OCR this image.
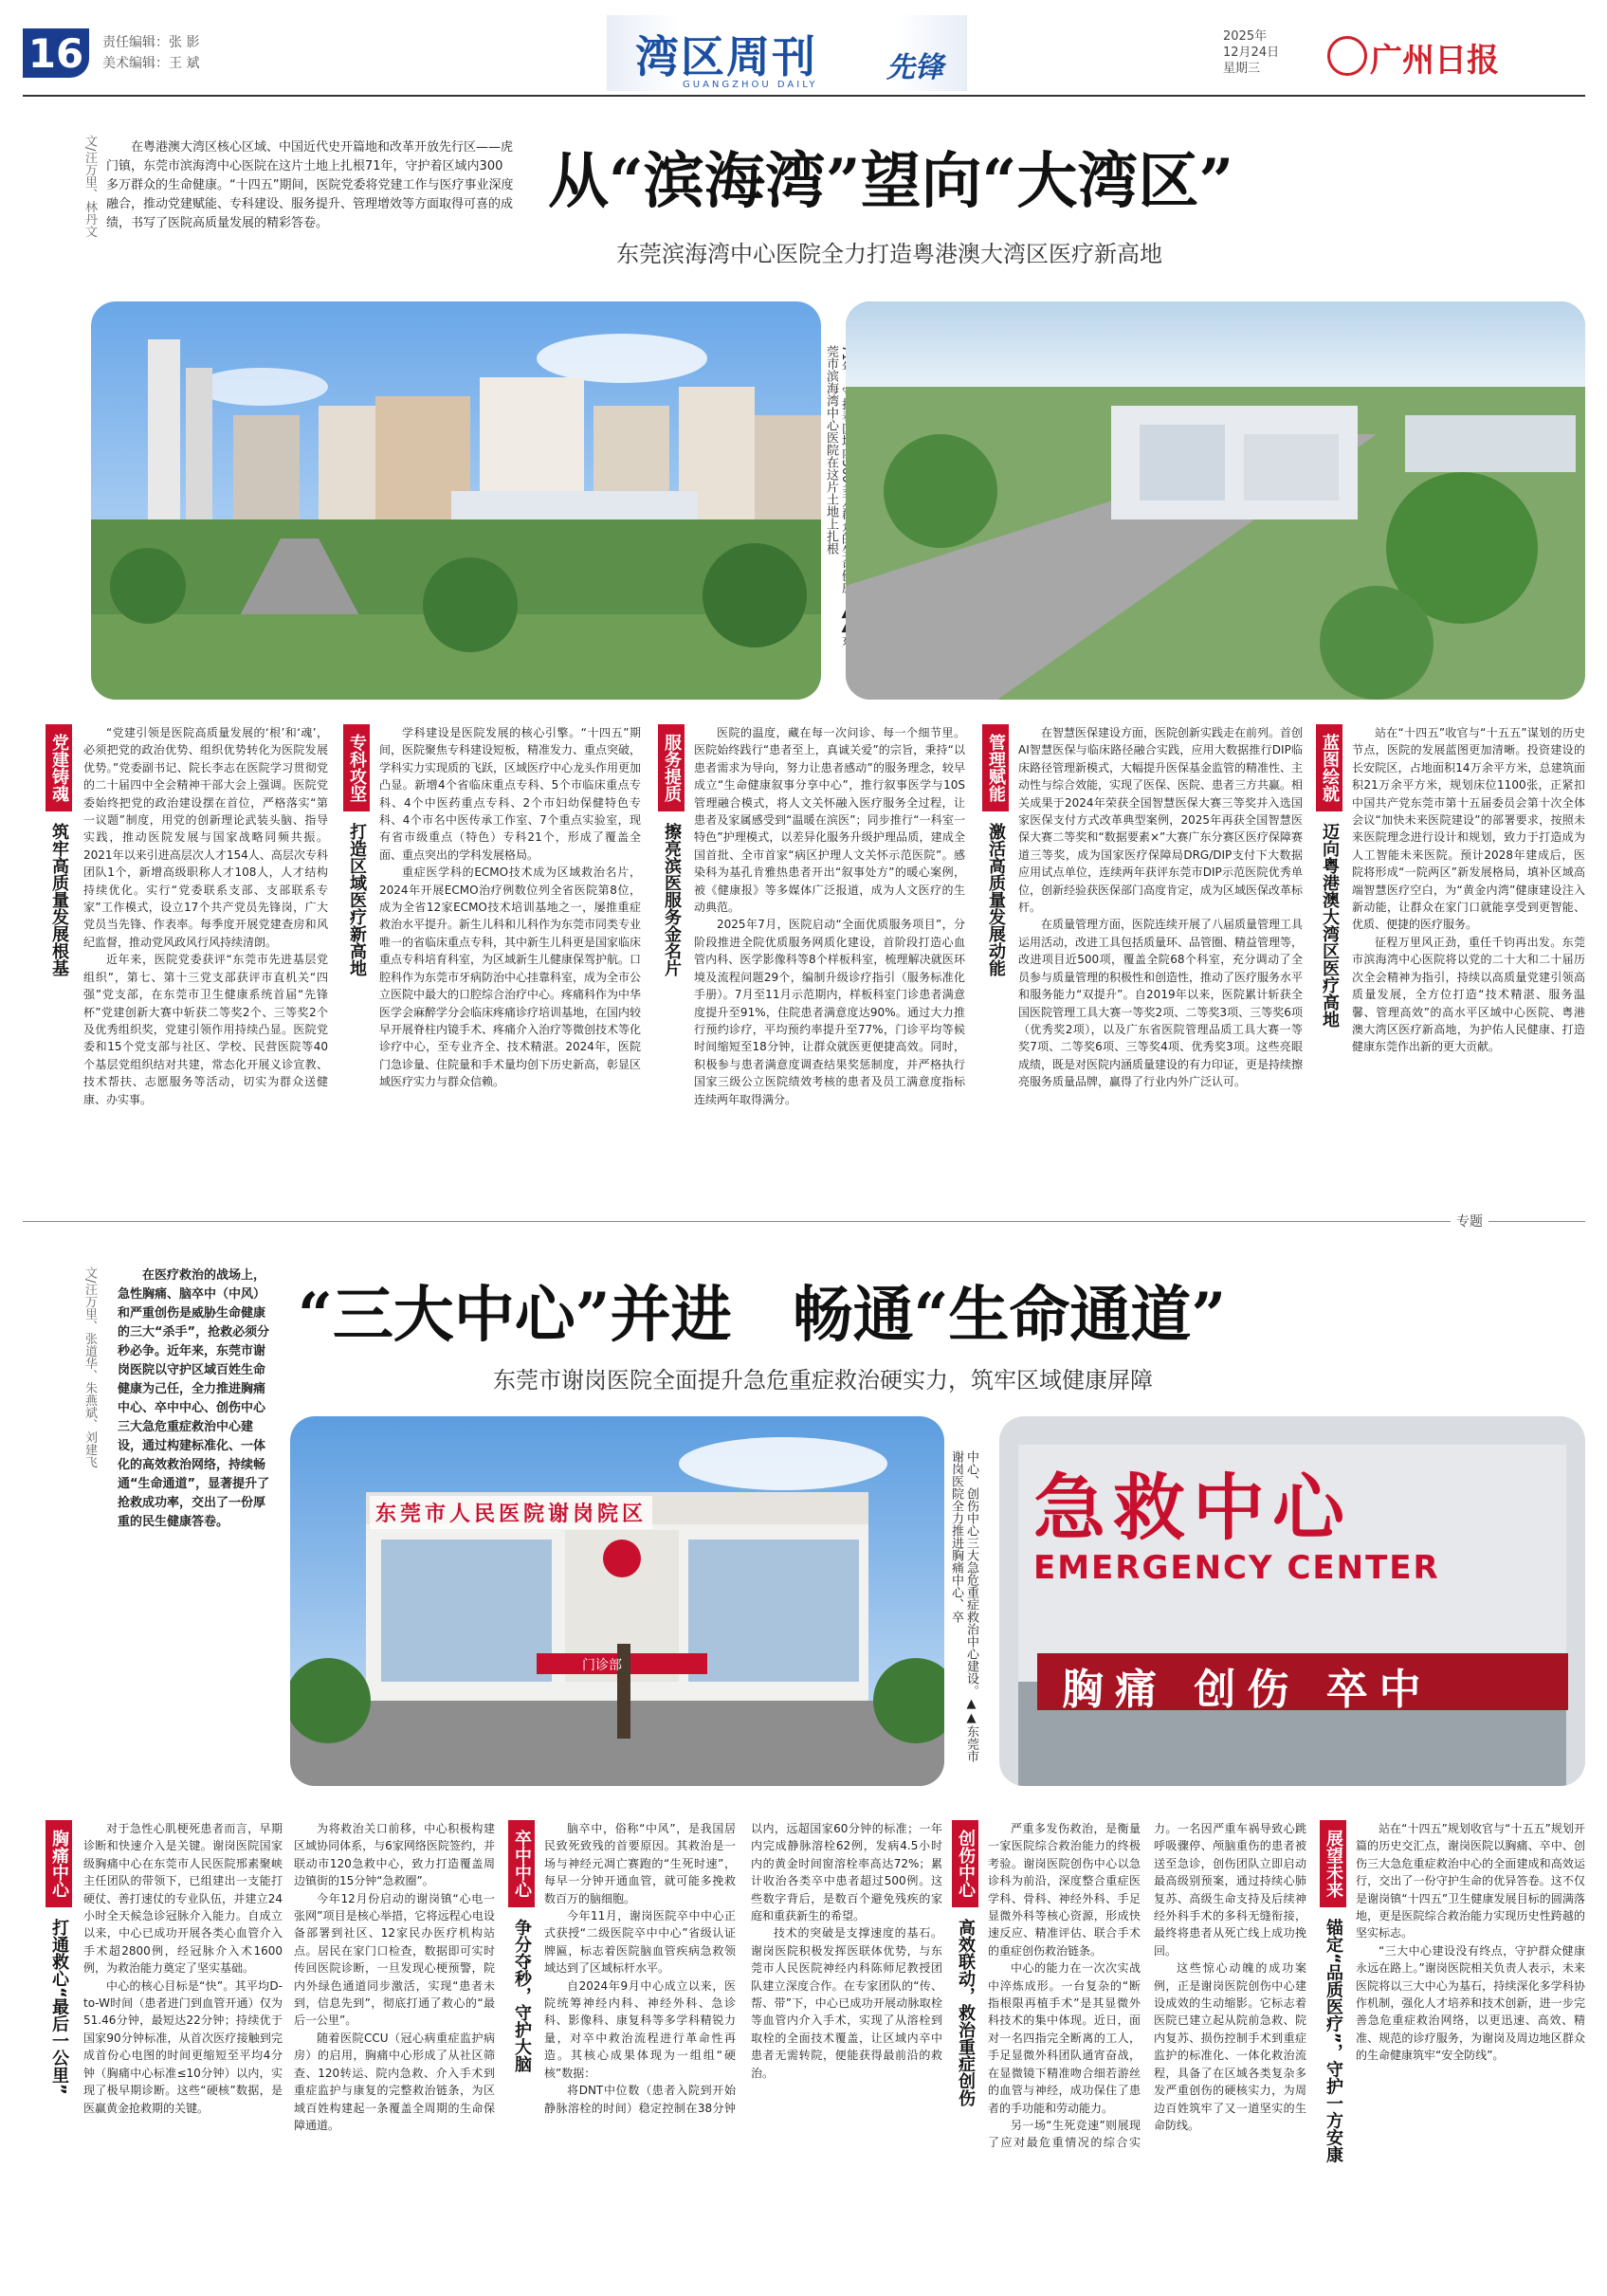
16	责任编辑：张 影
美术编辑：王 斌	湾区周刊 先锋
GUANGZHOU DAILY
2025年
12月24日
星期三	广州日报
文/汪万里、林丹文	在粤港澳大湾区核心区域、中国近代史开篇地和改革开放先行区——虎门镇，东莞市滨海湾中心医院在这片土地上扎根71年，守护着区域内300多万群众的生命健康。“十四五”期间，医院党委将党建工作与医疗事业深度融合，推动党建赋能、专科建设、服务提升、管理增效等方面取得可喜的成绩，书写了医院高质量发展的精彩答卷。
从“滨海湾”望向“大湾区”
东莞滨海湾中心医院全力打造粤港澳大湾区医疗新高地
莞市滨海湾中心医院在这片土地上扎根
党建铸魂
筑牢高质量发展根基

“党建引领是医院高质量发展的‘根’和‘魂’，必须把党的政治优势、组织优势转化为医院发展优势。”党委副书记、院长李志在医院学习贯彻党的二十届四中全会精神干部大会上强调。医院党委始终把党的政治建设摆在首位，严格落实“第一议题”制度，用党的创新理论武装头脑、指导实践，推动医院发展与国家战略同频共振。2021年以来引进高层次人才154人、高层次专科团队1个，新增高级职称人才108人，人才结构持续优化。实行“党委联系支部、支部联系专家”工作模式，设立17个共产党员先锋岗，广大党员当先锋、作表率。每季度开展党建查房和风纪监督，推动党风政风行风持续清朗。

近年来，医院党委获评“东莞市先进基层党组织”，第七、第十三党支部获评市直机关“四强”党支部，在东莞市卫生健康系统首届“先锋杯”党建创新大赛中斩获二等奖2个、三等奖2个及优秀组织奖，党建引领作用持续凸显。医院党委和15个党支部与社区、学校、民营医院等40个基层党组织结对共建，常态化开展义诊宣教、技术帮扶、志愿服务等活动，切实为群众送健康、办实事。

专科攻坚
打造区域医疗新高地

学科建设是医院发展的核心引擎。“十四五”期间，医院聚焦专科建设短板，精准发力、重点突破，学科实力实现质的飞跃，区域医疗中心龙头作用更加凸显。新增4个省临床重点专科、5个市临床重点专科、4个中医药重点专科、2个市妇幼保健特色专科、4个市名中医传承工作室、7个重点实验室，现有省市级重点（特色）专科21个，形成了覆盖全面、重点突出的学科发展格局。

重症医学科的ECMO技术成为区域救治名片，2024年开展ECMO治疗例数位列全省医院第8位，成为全省12家ECMO技术培训基地之一，屡推重症救治水平提升。新生儿科和儿科作为东莞市同类专业唯一的省临床重点专科，其中新生儿科更是国家临床重点专科培育科室，为区域新生儿健康保驾护航。口腔科作为东莞市牙病防治中心挂靠科室，成为全市公立医院中最大的口腔综合治疗中心。疼痛科作为中华医学会麻醉学分会临床疼痛诊疗培训基地，在国内较早开展脊柱内镜手术、疼痛介入治疗等微创技术等化诊疗中心，至专业齐全、技术精湛。2024年，医院门急诊量、住院量和手术量均创下历史新高，彰显区域医疗实力与群众信赖。

服务提质
擦亮滨医服务金名片

医院的温度，藏在每一次问诊、每一个细节里。医院始终践行“患者至上，真诚关爱”的宗旨，秉持“以患者需求为导向，努力让患者感动”的服务理念，较早成立“生命健康叙事分享中心”，推行叙事医学与10S管理融合模式，将人文关怀融入医疗服务全过程，让患者及家属感受到“温暖在滨医”；同步推行“一科室一特色”护理模式，以差异化服务升级护理品质，建成全国首批、全市首家“病区护理人文关怀示范医院”。感染科为基孔肯雅热患者开出“叙事处方”的暖心案例，被《健康报》等多媒体广泛报道，成为人文医疗的生动典范。

2025年7月，医院启动“全面优质服务项目”，分阶段推进全院优质服务网质化建设，首阶段打造心血管内科、医学影像科等8个样板科室，梳理解决就医环境及流程问题29个，编制升级诊疗指引（服务标准化手册）。7月至11月示范期内，样板科室门诊患者满意度提升至91%，住院患者满意度达90%。通过大力推行预约诊疗，平均预约率提升至77%，门诊平均等候时间缩短至18分钟，让群众就医更便捷高效。同时，积极参与患者满意度调查结果奖惩制度，并严格执行国家三级公立医院绩效考核的患者及员工满意度指标连续两年取得满分。

管理赋能
激活高质量发展动能

在智慧医保建设方面，医院创新实践走在前列。首创AI智慧医保与临床路径融合实践，应用大数据推行DIP临床路径管理新模式，大幅提升医保基金监管的精准性、主动性与综合效能，实现了医保、医院、患者三方共赢。相关成果于2024年荣获全国智慧医保大赛三等奖并入选国家医保支付方式改革典型案例，2025年再获全国智慧医保大赛二等奖和“数据要素×”大赛广东分赛区医疗保障赛道三等奖，成为国家医疗保障局DRG/DIP支付下大数据应用试点单位，连续两年获评东莞市DIP示范医院优秀单位，创新经验获医保部门高度肯定，成为区域医保改革标杆。

在质量管理方面，医院连续开展了八届质量管理工具运用活动，改进工具包括质量环、品管圈、精益管理等，改进项目近500项，覆盖全院68个科室，充分调动了全员参与质量管理的积极性和创造性，推动了医疗服务水平和服务能力“双提升”。自2019年以来，医院累计斩获全国医院管理工具大赛一等奖2项、二等奖3项、三等奖6项（优秀奖2项），以及广东省医院管理品质工具大赛一等奖7项、二等奖6项、三等奖4项、优秀奖3项。这些亮眼成绩，既是对医院内涵质量建设的有力印证，更是持续擦亮服务质量品牌，赢得了行业内外广泛认可。

蓝图绘就
迈向粤港澳大湾区医疗高地

站在“十四五”收官与“十五五”谋划的历史节点，医院的发展蓝图更加清晰。投资建设的长安院区，占地面积14万余平方米，总建筑面积21万余平方米，规划床位1100张，正紧扣中国共产党东莞市第十五届委员会第十次全体会议“加快未来医院建设”的部署要求，按照未来医院理念进行设计和规划，致力于打造成为人工智能未来医院。预计2028年建成后，医院将形成“一院两区”新发展格局，填补区域高端智慧医疗空白，为“黄金内湾”健康建设注入新动能，让群众在家门口就能享受到更智能、优质、便捷的医疗服务。

征程万里风正劲，重任千钧再出发。东莞市滨海湾中心医院将以党的二十大和二十届历次全会精神为指引，持续以高质量党建引领高质量发展，全方位打造“技术精湛、服务温馨、管理高效”的高水平区域中心医院、粤港澳大湾区医疗新高地，为护佑人民健康、打造健康东莞作出新的更大贡献。

专题
文/汪万里、张道华、朱燕斌、刘建飞	在医疗救治的战场上，急性胸痛、脑卒中（中风）和严重创伤是威胁生命健康的三大“杀手”，抢救必须分秒必争。近年来，东莞市谢岗医院以守护区域百姓生命健康为己任，全力推进胸痛中心、卒中中心、创伤中心三大急危重症救治中心建设，通过构建标准化、一体化的高效救治网络，持续畅通“生命通道”，显著提升了抢救成功率，交出了一份厚重的民生健康答卷。
“三大中心”并进　畅通“生命通道”
东莞市谢岗医院全面提升急危重症救治硬实力，筑牢区域健康屏障
东莞市人民医院谢岗院区
门诊部	中心、创伤中心三大急危重症救治中心建设。▲▲东莞市谢岗医院全力推进胸痛中心、卒 急救中心
EMERGENCY CENTER
胸痛 创伤 卒中
胸痛中心
打通救心“最后一公里”

对于急性心肌梗死患者而言，早期诊断和快速介入是关键。谢岗医院国家级胸痛中心在东莞市人民医院邢素聚峡主任团队的带领下，已组建出一支能打硬仗、善打速仗的专业队伍，并建立24小时全天候急诊冠脉介入能力。自成立以来，中心已成功开展各类心血管介入手术超2800例，经冠脉介入术1600例，为救治能力奠定了坚实基础。

中心的核心目标是“快”。其平均D-to-W时间（患者进门到血管开通）仅为51.46分钟，最短达22分钟；持续优于国家90分钟标准，从首次医疗接触到完成首份心电图的时间更缩短至平均4分钟（胸痛中心标准≤10分钟）以内，实现了极早期诊断。这些“硬核”数据，是医赢黄金抢救期的关键。

为将救治关口前移，中心积极构建区域协同体系，与6家网络医院签约，并联动市120急救中心，致力打造覆盖周边镇街的15分钟“急救圈”。

今年12月份启动的谢岗镇“心电一张网”项目是核心举措，它将远程心电设备部署到社区、12家民办医疗机构站点。居民在家门口检查，数据即可实时传回医院诊断，一旦发现心梗预警，院内外绿色通道同步激活，实现“患者未到，信息先到”，彻底打通了救心的“最后一公里”。

随着医院CCU（冠心病重症监护病房）的启用，胸痛中心形成了从社区筛查、120转运、院内急救、介入手术到重症监护与康复的完整救治链条，为区域百姓构建起一条覆盖全周期的生命保障通道。

卒中中心
争分夺秒，守护大脑

脑卒中，俗称“中风”，是我国居民致死致残的首要原因。其救治是一场与神经元凋亡赛跑的“生死时速”，每早一分钟开通血管，就可能多挽救数百万的脑细胞。

今年11月，谢岗医院卒中中心正式获授“二级医院卒中中心”省级认证牌匾，标志着医院脑血管疾病急救领域达到了区域标杆水平。

自2024年9月中心成立以来，医院统筹神经内科、神经外科、急诊科、影像科、康复科等多学科精锐力量，对卒中救治流程进行革命性再造。其核心成果体现为一组组“硬核”数据：

将DNT中位数（患者入院到开始静脉溶栓的时间）稳定控制在38分钟以内，远超国家60分钟的标准；一年内完成静脉溶栓62例，发病4.5小时内的黄金时间窗溶栓率高达72%；累计收治各类卒中患者超过500例。这些数字背后，是数百个避免残疾的家庭和重获新生的希望。

技术的突破是支撑速度的基石。谢岗医院积极发挥医联体优势，与东莞市人民医院神经内科陈师尼教授团队建立深度合作。在专家团队的“传、帮、带”下，中心已成功开展动脉取栓等血管内介入手术，实现了从溶栓到取栓的全面技术覆盖，让区域内卒中患者无需转院，便能获得最前沿的救治。

创伤中心
高效联动，救治重症创伤

严重多发伤救治，是衡量一家医院综合救治能力的终极考验。谢岗医院创伤中心以急诊科为前沿，深度整合重症医学科、骨科、神经外科、手足显微外科等核心资源，形成快速反应、精准评估、联合手术的重症创伤救治链条。

中心的能力在一次次实战中淬炼成形。一台复杂的“断指根限再植手术”是其显微外科技术的集中体现。近日，面对一名四指完全断离的工人，手足显微外科团队通宵奋战，在显微镜下精准吻合细若游丝的血管与神经，成功保住了患者的手功能和劳动能力。

另一场“生死竞速”则展现了应对最危重情况的综合实力。一名因严重车祸导致心跳呼吸骤停、颅脑重伤的患者被送至急诊，创伤团队立即启动最高级别预案，通过持续心肺复苏、高级生命支持及后续神经外科手术的多科无缝衔接，最终将患者从死亡线上成功挽回。

这些惊心动魄的成功案例，正是谢岗医院创伤中心建设成效的生动缩影。它标志着医院已建立起从院前急救、院内复苏、损伤控制手术到重症监护的标准化、一体化救治流程，具备了在区域各类复杂多发严重创伤的硬核实力，为周边百姓筑牢了又一道坚实的生命防线。

展望未来
锚定“品质医疗”，守护一方安康

站在“十四五”规划收官与“十五五”规划开篇的历史交汇点，谢岗医院以胸痛、卒中、创伤三大急危重症救治中心的全面建成和高效运行，交出了一份守护生命的优异答卷。这不仅是谢岗镇“十四五”卫生健康发展目标的圆满落地，更是医院综合救治能力实现历史性跨越的坚实标志。

“三大中心建设没有终点，守护群众健康永远在路上。”谢岗医院相关负责人表示，未来医院将以三大中心为基石，持续深化多学科协作机制，强化人才培养和技术创新，进一步完善急危重症救治网络，以更迅速、高效、精准、规范的诊疗服务，为谢岗及周边地区群众的生命健康筑牢“安全防线”。
